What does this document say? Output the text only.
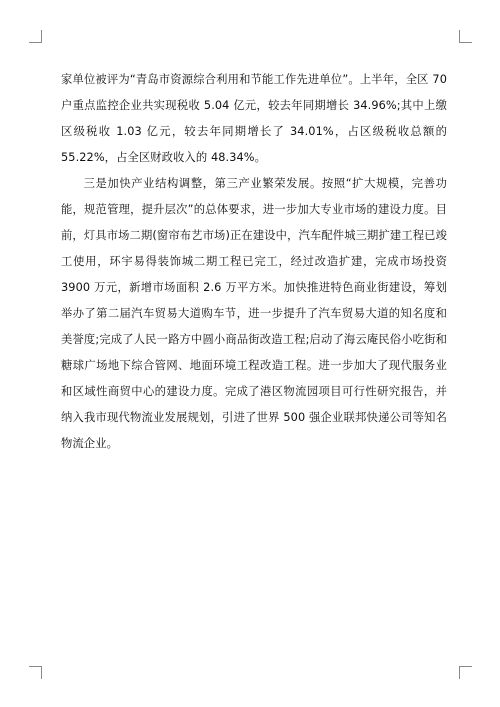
家单位被评为“青岛市资源综合利用和节能工作先进单位”。上半年，全区 70 户重点监控企业共实现税收 5.04 亿元，较去年同期增长 34.96%;其中上缴区级税收 1.03 亿元，较去年同期增长了 34.01%，占区级税收总额的 55.22%，占全区财政收入的 48.34%。

三是加快产业结构调整，第三产业繁荣发展。按照“扩大规模，完善功能，规范管理，提升层次”的总体要求，进一步加大专业市场的建设力度。目前，灯具市场二期(窗帘布艺市场)正在建设中，汽车配件城三期扩建工程已竣工使用，环宇易得装饰城二期工程已完工，经过改造扩建，完成市场投资 3900 万元，新增市场面积 2.6 万平方米。加快推进特色商业街建设，筹划举办了第二届汽车贸易大道购车节，进一步提升了汽车贸易大道的知名度和美誉度;完成了人民一路方中圆小商品街改造工程;启动了海云庵民俗小吃街和糖球广场地下综合管网、地面环境工程改造工程。进一步加大了现代服务业和区域性商贸中心的建设力度。完成了港区物流园项目可行性研究报告，并纳入我市现代物流业发展规划，引进了世界 500 强企业联邦快递公司等知名物流企业。
